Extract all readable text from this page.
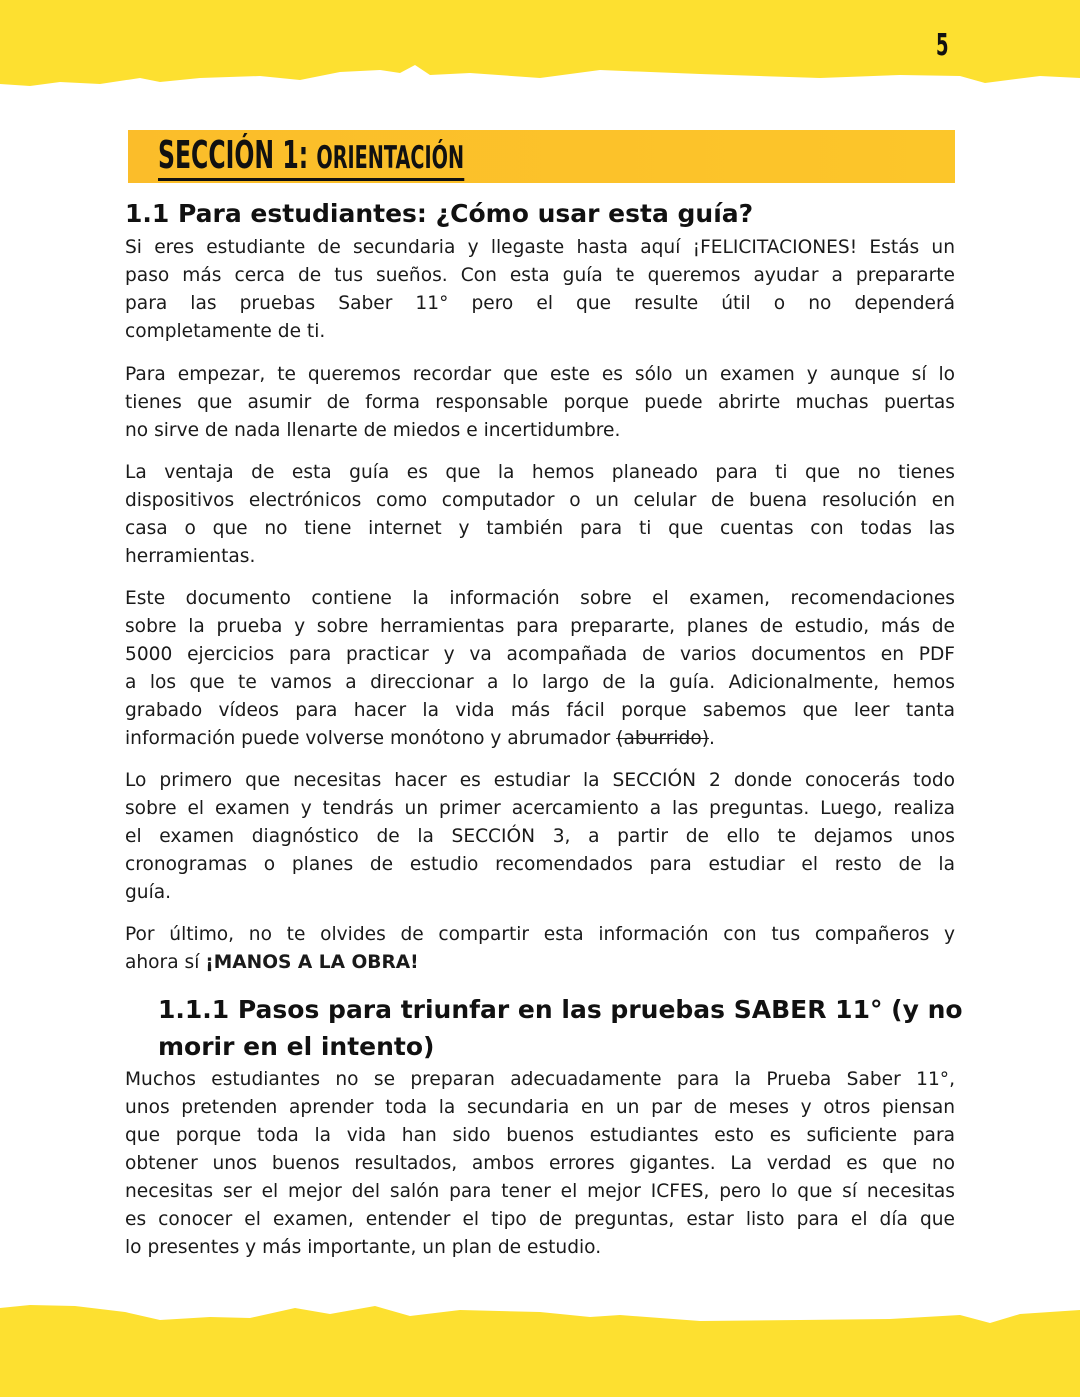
5
SECCIÓN 1: ORIENTACIÓN
1.1 Para estudiantes: ¿Cómo usar esta guía?
Si eres estudiante de secundaria y llegaste hasta aquí ¡FELICITACIONES! Estás un
paso más cerca de tus sueños. Con esta guía te queremos ayudar a prepararte
para las pruebas Saber 11° pero el que resulte útil o no dependerá
completamente de ti.
Para empezar, te queremos recordar que este es sólo un examen y aunque sí lo
tienes que asumir de forma responsable porque puede abrirte muchas puertas
no sirve de nada llenarte de miedos e incertidumbre.
La ventaja de esta guía es que la hemos planeado para ti que no tienes
dispositivos electrónicos como computador o un celular de buena resolución en
casa o que no tiene internet y también para ti que cuentas con todas las
herramientas.
Este documento contiene la información sobre el examen, recomendaciones
sobre la prueba y sobre herramientas para prepararte, planes de estudio, más de
5000 ejercicios para practicar y va acompañada de varios documentos en PDF
a los que te vamos a direccionar a lo largo de la guía. Adicionalmente, hemos
grabado vídeos para hacer la vida más fácil porque sabemos que leer tanta
información puede volverse monótono y abrumador (aburrido).
Lo primero que necesitas hacer es estudiar la SECCIÓN 2 donde conocerás todo
sobre el examen y tendrás un primer acercamiento a las preguntas. Luego, realiza
el examen diagnóstico de la SECCIÓN 3, a partir de ello te dejamos unos
cronogramas o planes de estudio recomendados para estudiar el resto de la
guía.
Por último, no te olvides de compartir esta información con tus compañeros y
ahora sí ¡MANOS A LA OBRA!
1.1.1 Pasos para triunfar en las pruebas SABER 11° (y no
morir en el intento)
Muchos estudiantes no se preparan adecuadamente para la Prueba Saber 11°,
unos pretenden aprender toda la secundaria en un par de meses y otros piensan
que porque toda la vida han sido buenos estudiantes esto es suficiente para
obtener unos buenos resultados, ambos errores gigantes. La verdad es que no
necesitas ser el mejor del salón para tener el mejor ICFES, pero lo que sí necesitas
es conocer el examen, entender el tipo de preguntas, estar listo para el día que
lo presentes y más importante, un plan de estudio.
